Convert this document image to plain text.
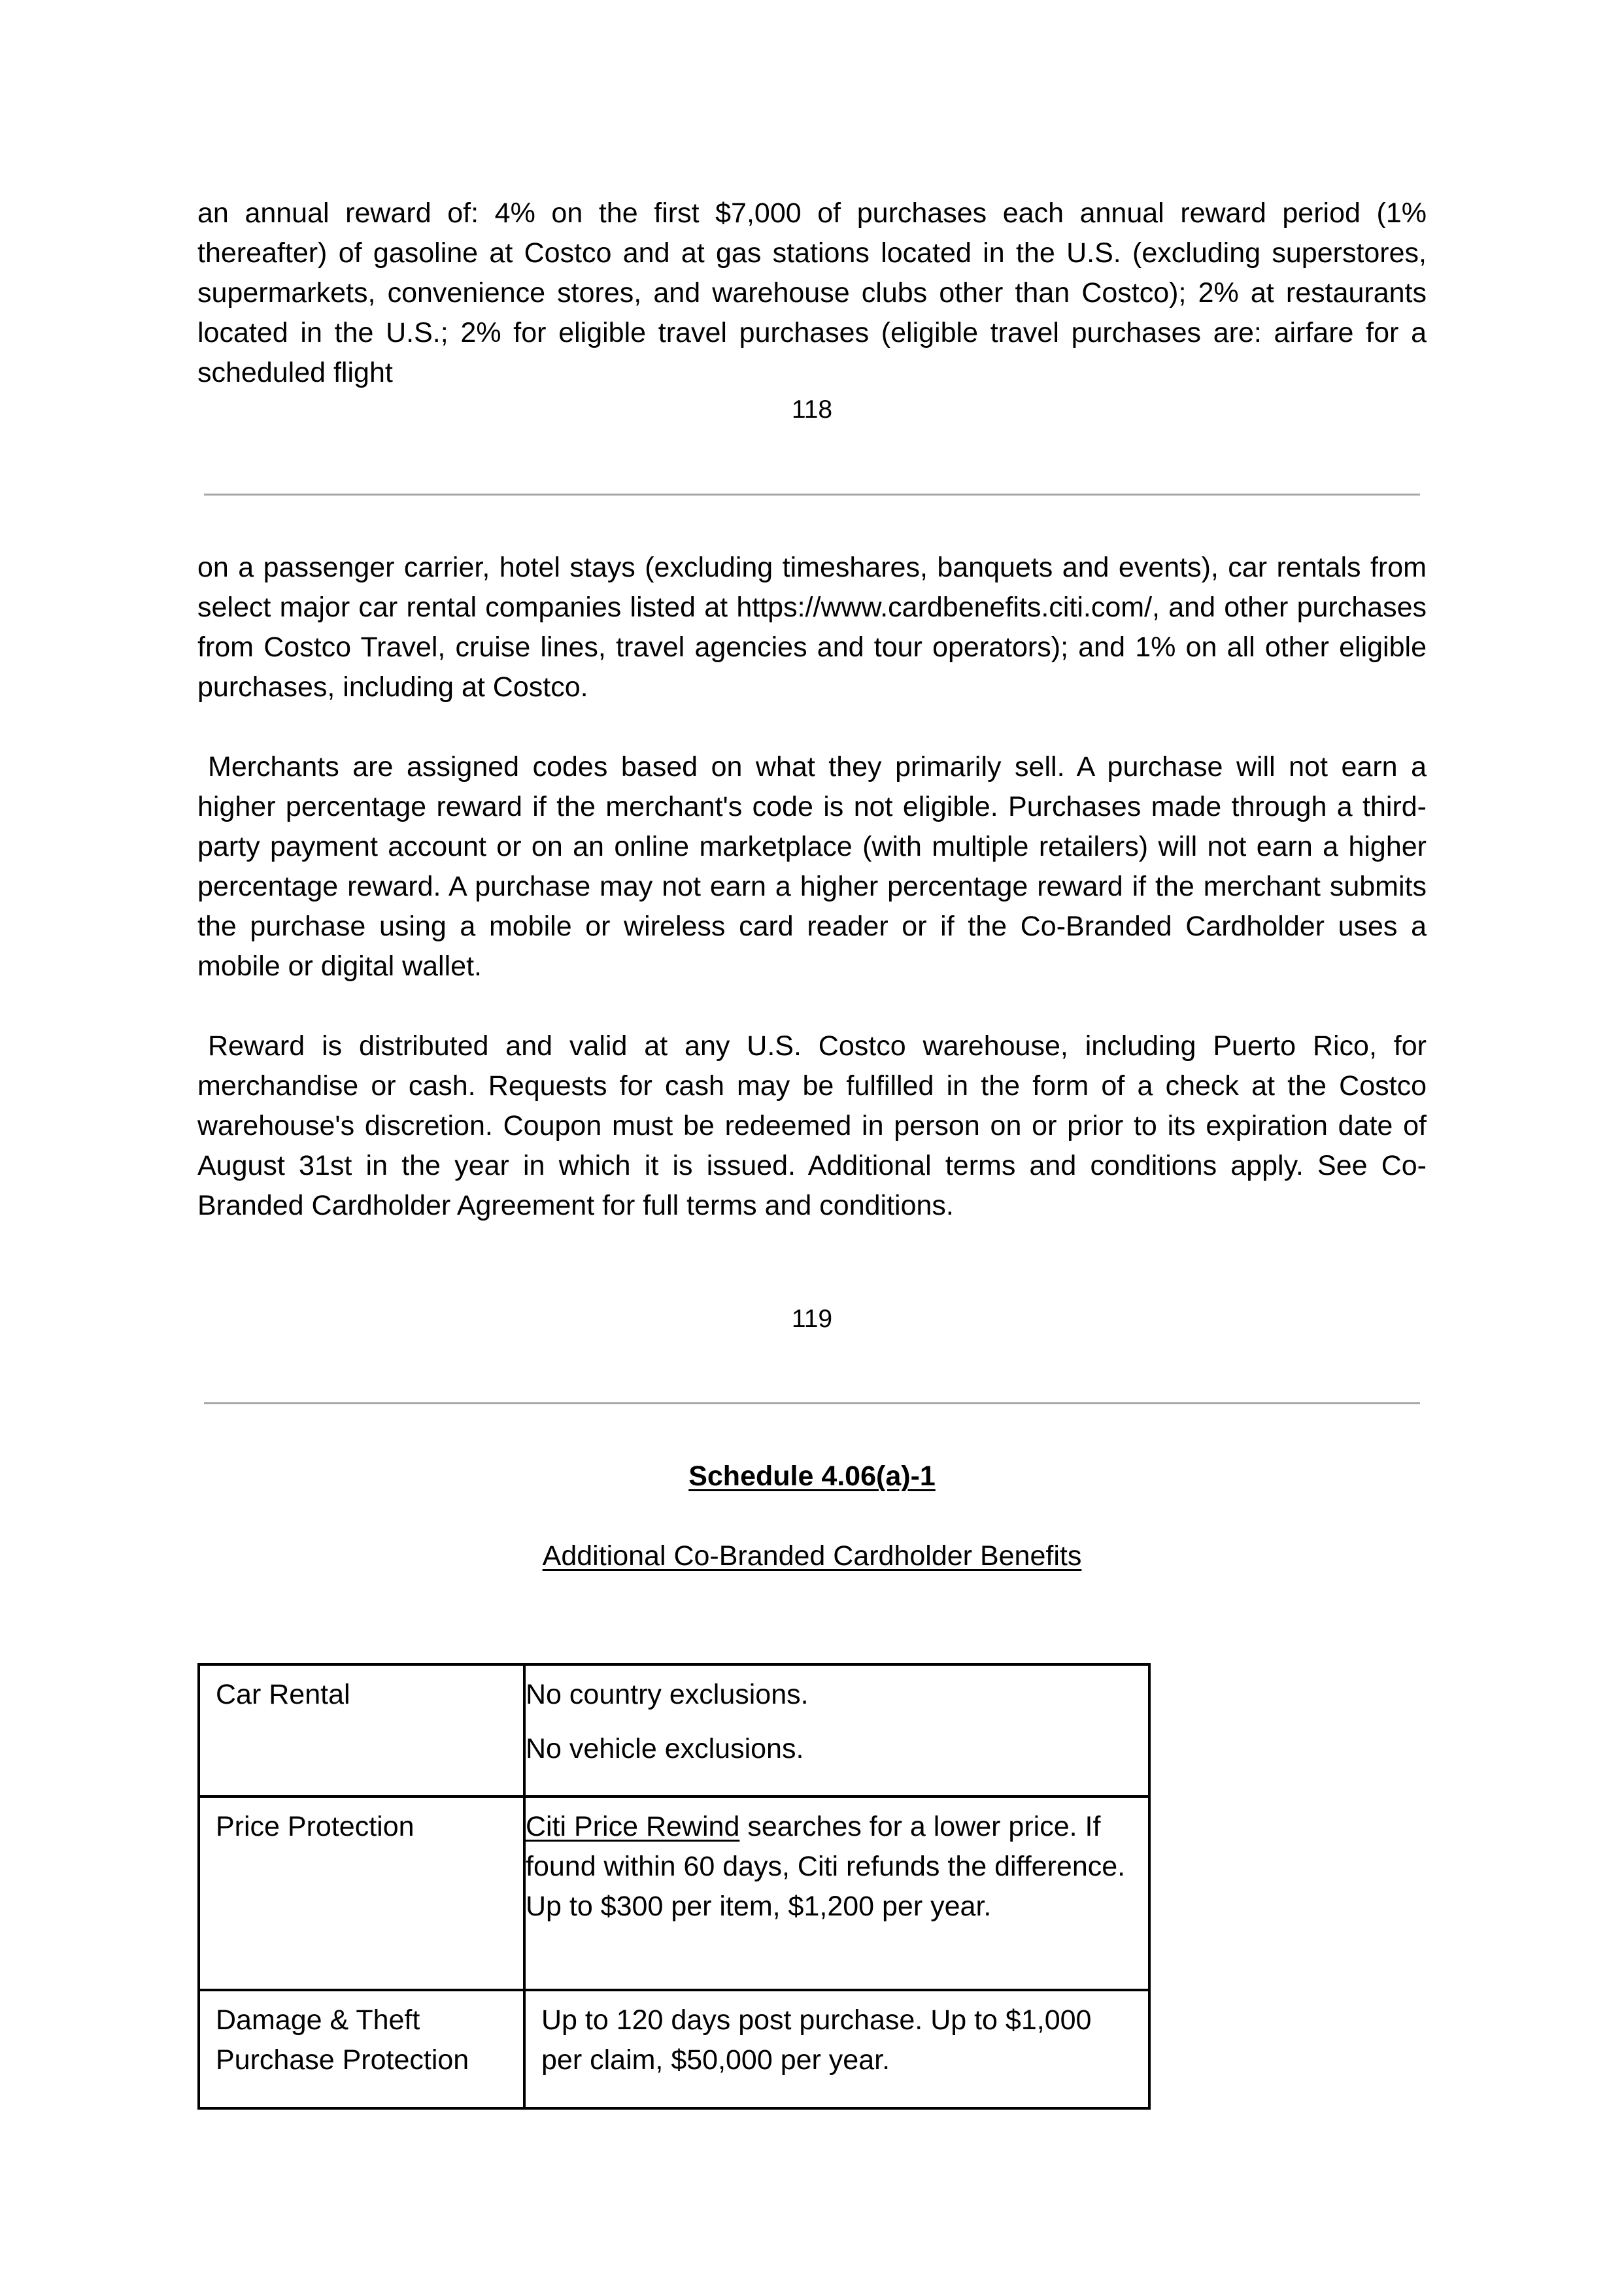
an annual reward of: 4% on the first $7,000 of purchases each annual reward period (1% thereafter) of gasoline at Costco and at gas stations located in the U.S. (excluding superstores, supermarkets, convenience stores, and warehouse clubs other than Costco); 2% at restaurants located in the U.S.; 2% for eligible travel purchases (eligible travel purchases are: airfare for a scheduled flight

118

on a passenger carrier, hotel stays (excluding timeshares, banquets and events), car rentals from select major car rental companies listed at https://www.cardbenefits.citi.com/, and other purchases from Costco Travel, cruise lines, travel agencies and tour operators); and 1% on all other eligible purchases, including at Costco.

Merchants are assigned codes based on what they primarily sell. A purchase will not earn a higher percentage reward if the merchant's code is not eligible. Purchases made through a third-party payment account or on an online marketplace (with multiple retailers) will not earn a higher percentage reward. A purchase may not earn a higher percentage reward if the merchant submits the purchase using a mobile or wireless card reader or if the Co-Branded Cardholder uses a mobile or digital wallet.

Reward is distributed and valid at any U.S. Costco warehouse, including Puerto Rico, for merchandise or cash. Requests for cash may be fulfilled in the form of a check at the Costco warehouse's discretion. Coupon must be redeemed in person on or prior to its expiration date of August 31st in the year in which it is issued. Additional terms and conditions apply. See Co-Branded Cardholder Agreement for full terms and conditions.

119
Schedule 4.06(a)-1
Additional Co-Branded Cardholder Benefits
Car Rental	No country exclusions.

No vehicle exclusions.

Price Protection	Citi Price Rewind searches for a lower price. If found within 60 days, Citi refunds the difference. Up to $300 per item, $1,200 per year.

Damage & Theft Purchase Protection	Up to 120 days post purchase. Up to $1,000 per claim, $50,000 per year.
